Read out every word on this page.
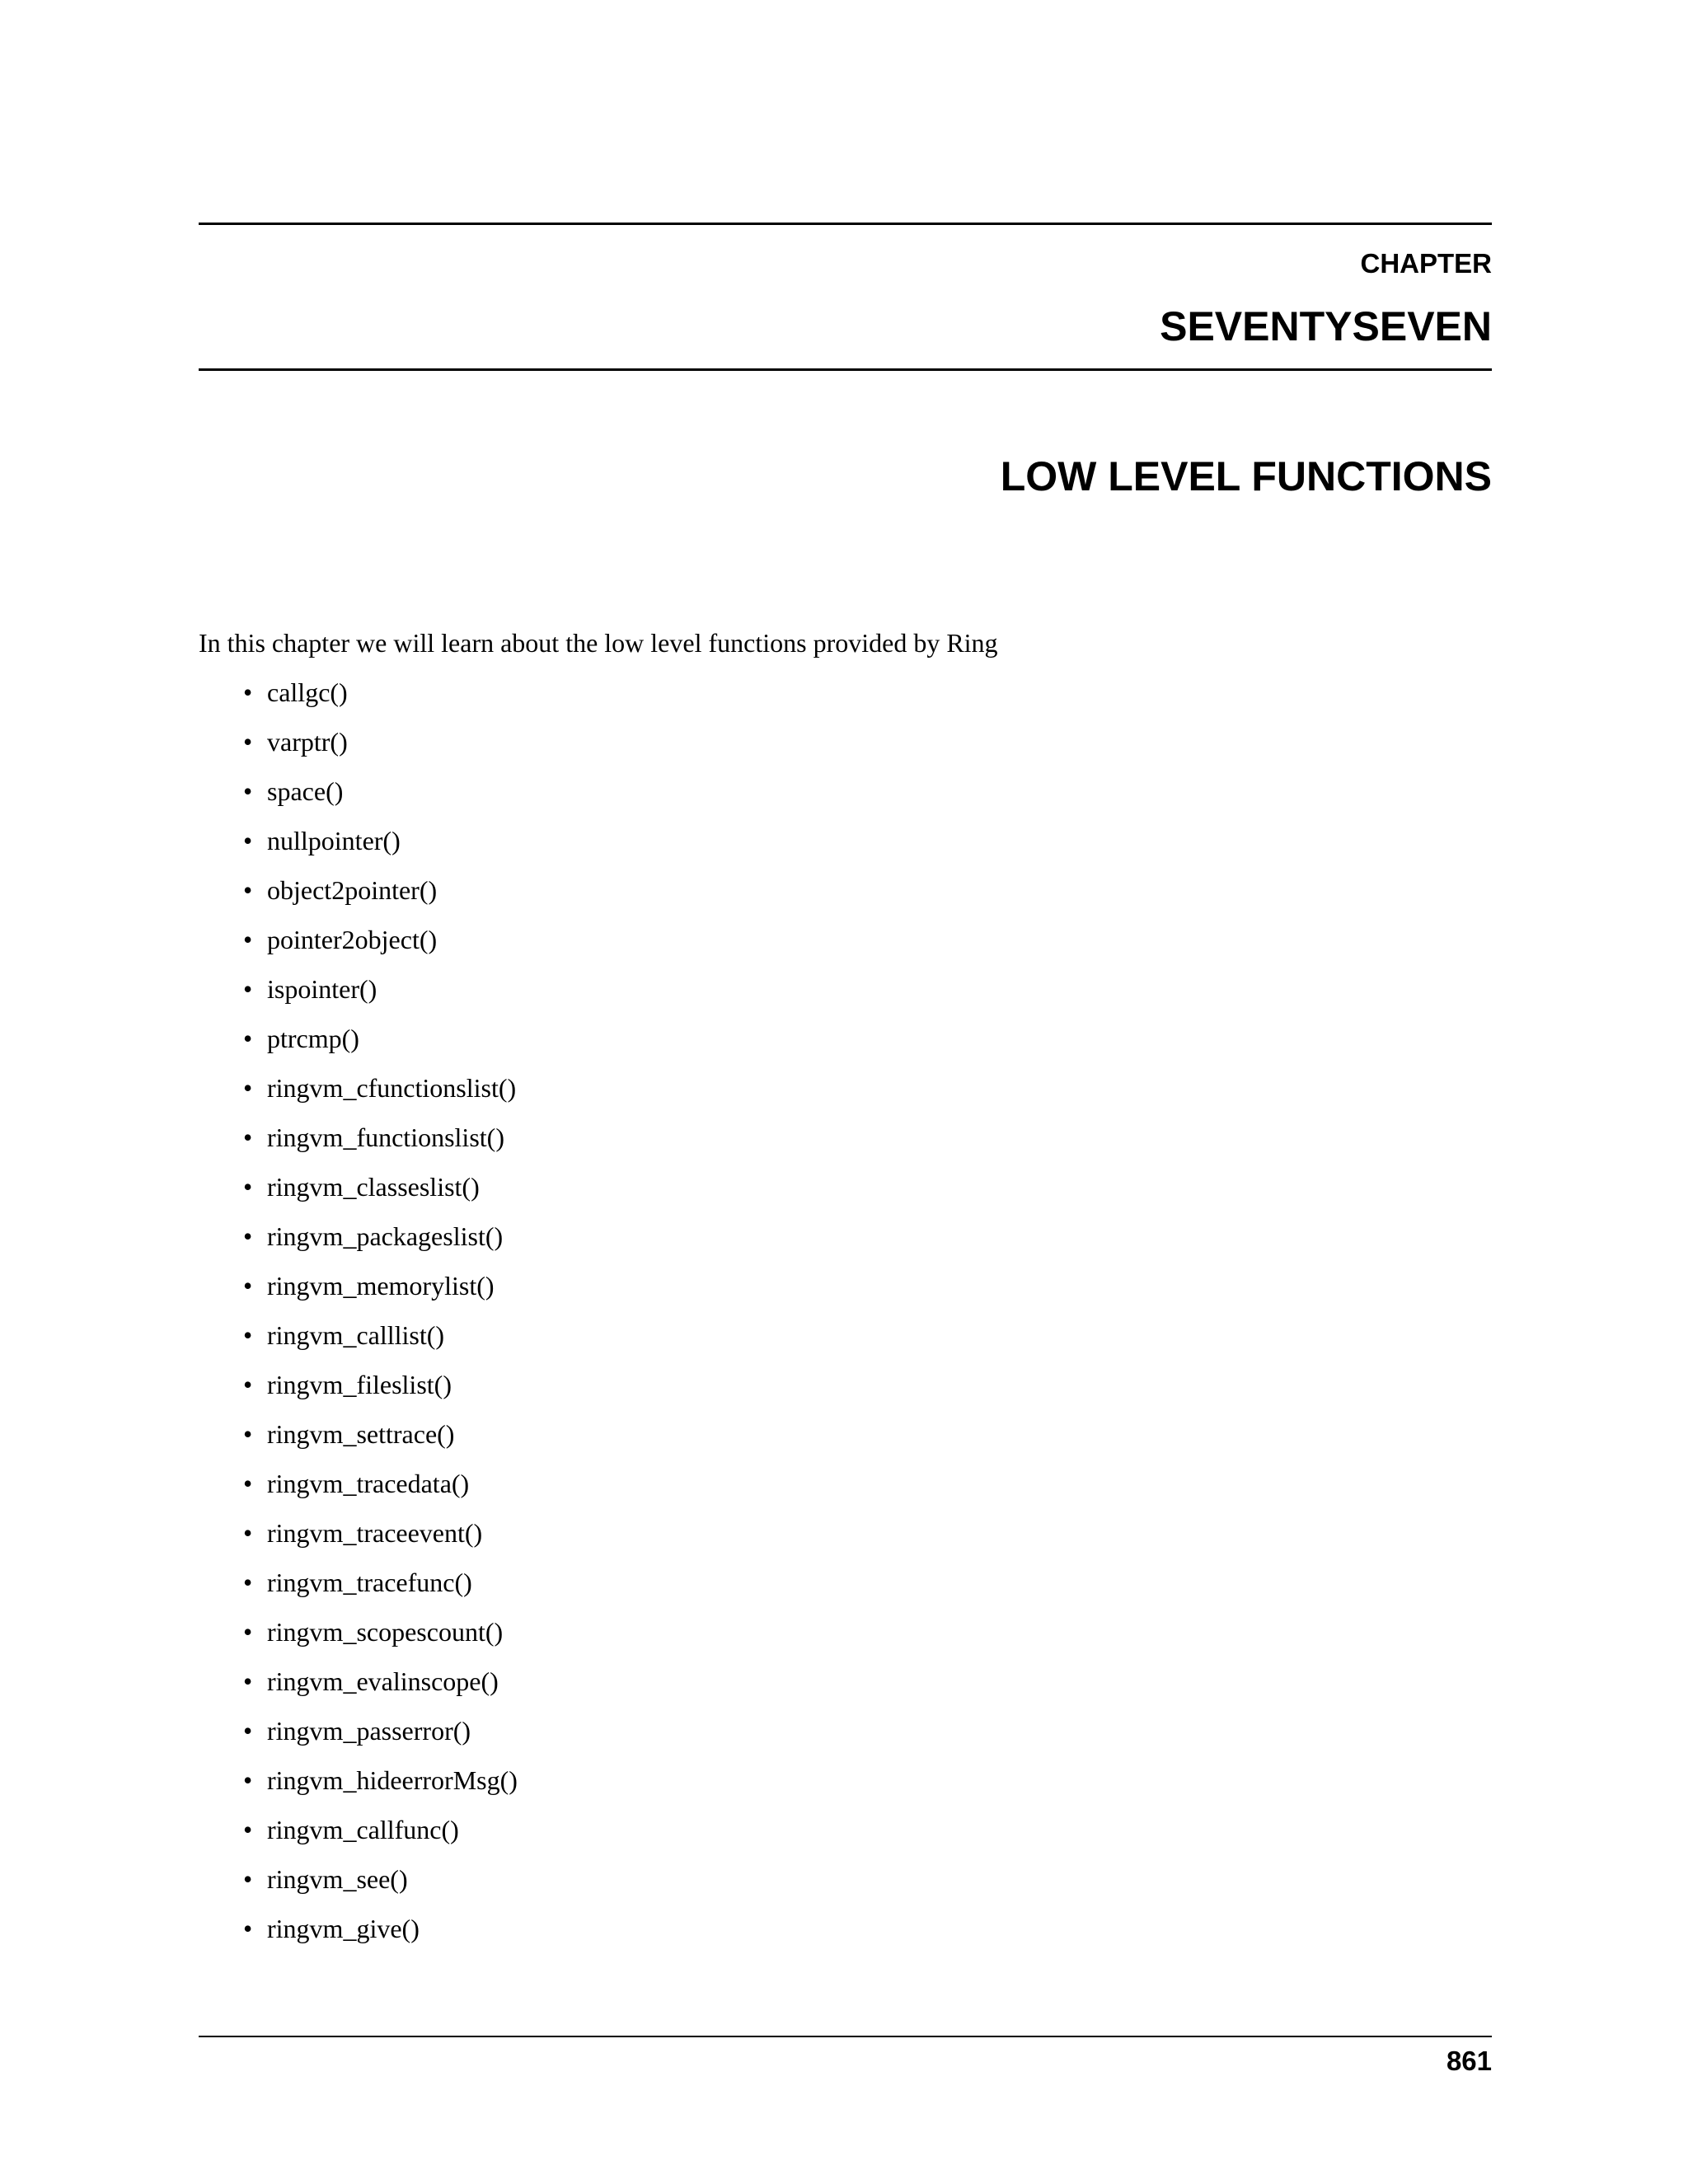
CHAPTER
SEVENTYSEVEN
LOW LEVEL FUNCTIONS

In this chapter we will learn about the low level functions provided by Ring

• callgc()
• varptr()
• space()
• nullpointer()
• object2pointer()
• pointer2object()
• ispointer()
• ptrcmp()
• ringvm_cfunctionslist()
• ringvm_functionslist()
• ringvm_classeslist()
• ringvm_packageslist()
• ringvm_memorylist()
• ringvm_calllist()
• ringvm_fileslist()
• ringvm_settrace()
• ringvm_tracedata()
• ringvm_traceevent()
• ringvm_tracefunc()
• ringvm_scopescount()
• ringvm_evalinscope()
• ringvm_passerror()
• ringvm_hideerrorMsg()
• ringvm_callfunc()
• ringvm_see()
• ringvm_give()
861
